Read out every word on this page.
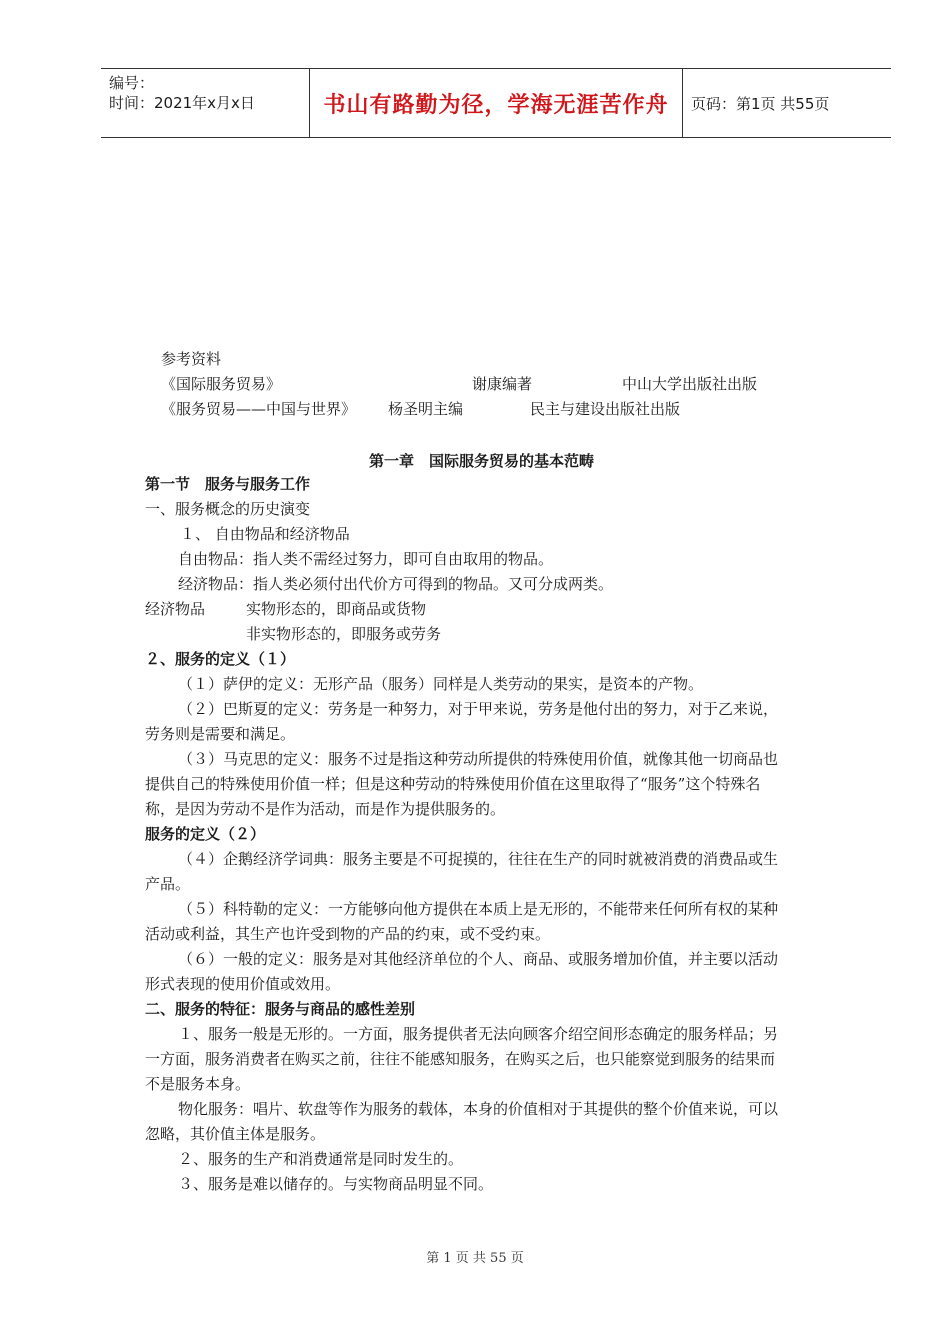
编号：
时间：2021年x月x日	书山有路勤为径，学海无涯苦作舟	页码：第1页 共55页
参考资料
《国际服务贸易》	谢康编著	中山大学出版社出版
《服务贸易——中国与世界》 杨圣明主编	民主与建设出版社出版
第一章　国际服务贸易的基本范畴
第一节　服务与服务工作
一、服务概念的历史演变
１、 自由物品和经济物品
自由物品：指人类不需经过努力，即可自由取用的物品。
经济物品：指人类必须付出代价方可得到的物品。又可分成两类。
经济物品	实物形态的，即商品或货物
非实物形态的，即服务或劳务
２、服务的定义（１）
（１）萨伊的定义：无形产品（服务）同样是人类劳动的果实，是资本的产物。
（２）巴斯夏的定义：劳务是一种努力，对于甲来说，劳务是他付出的努力，对于乙来说，
劳务则是需要和满足。
（３）马克思的定义：服务不过是指这种劳动所提供的特殊使用价值，就像其他一切商品也
提供自己的特殊使用价值一样；但是这种劳动的特殊使用价值在这里取得了“服务”这个特殊名
称，是因为劳动不是作为活动，而是作为提供服务的。
服务的定义（２）
（４）企鹅经济学词典：服务主要是不可捉摸的，往往在生产的同时就被消费的消费品或生
产品。
（５）科特勒的定义：一方能够向他方提供在本质上是无形的，不能带来任何所有权的某种
活动或利益，其生产也许受到物的产品的约束，或不受约束。
（６）一般的定义：服务是对其他经济单位的个人、商品、或服务增加价值，并主要以活动
形式表现的使用价值或效用。
二、服务的特征：服务与商品的感性差别
１、服务一般是无形的。一方面，服务提供者无法向顾客介绍空间形态确定的服务样品；另
一方面，服务消费者在购买之前，往往不能感知服务，在购买之后，也只能察觉到服务的结果而
不是服务本身。
物化服务：唱片、软盘等作为服务的载体，本身的价值相对于其提供的整个价值来说，可以
忽略，其价值主体是服务。
２、服务的生产和消费通常是同时发生的。
３、服务是难以储存的。与实物商品明显不同。
第 1 页 共 55 页
